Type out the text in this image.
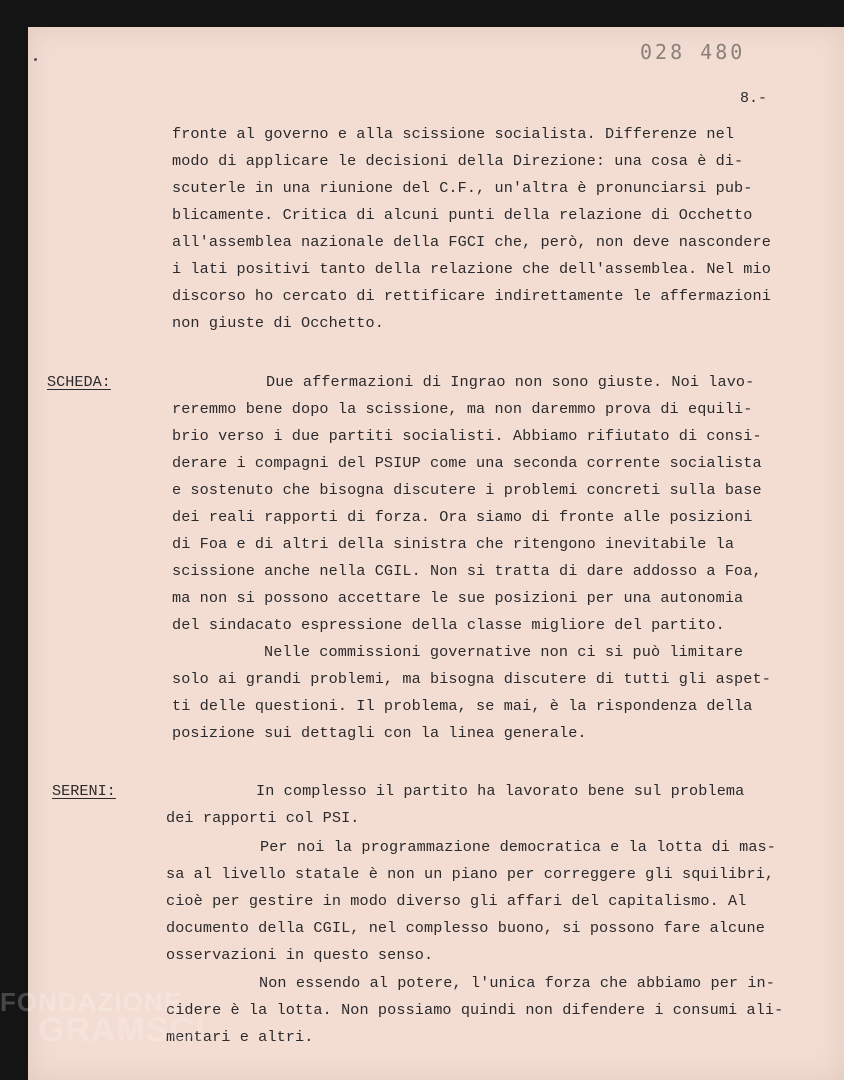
028 480
8.-
fronte al governo e alla scissione socialista. Differenze nel
modo di applicare le decisioni della Direzione: una cosa è di-
scuterle in una riunione del C.F., un'altra è pronunciarsi pub-
blicamente. Critica di alcuni punti della relazione di Occhetto
all'assemblea nazionale della FGCI che, però, non deve nascondere
i lati positivi tanto della relazione che dell'assemblea. Nel mio
discorso ho cercato di rettificare indirettamente le affermazioni
non giuste di Occhetto.
SCHEDA:	Due affermazioni di Ingrao non sono giuste. Noi lavo-
reremmo bene dopo la scissione, ma non daremmo prova di equili-
brio verso i due partiti socialisti. Abbiamo rifiutato di consi-
derare i compagni del PSIUP come una seconda corrente socialista
e sostenuto che bisogna discutere i problemi concreti sulla base
dei reali rapporti di forza. Ora siamo di fronte alle posizioni
di Foa e di altri della sinistra che ritengono inevitabile la
scissione anche nella CGIL. Non si tratta di dare addosso a Foa,
ma non si possono accettare le sue posizioni per una autonomia
del sindacato espressione della classe migliore del partito.
Nelle commissioni governative non ci si può limitare
solo ai grandi problemi, ma bisogna discutere di tutti gli aspet-
ti delle questioni. Il problema, se mai, è la rispondenza della
posizione sui dettagli con la linea generale.
SERENI:	In complesso il partito ha lavorato bene sul problema
dei rapporti col PSI.
Per noi la programmazione democratica e la lotta di mas-
sa al livello statale è non un piano per correggere gli squilibri,
cioè per gestire in modo diverso gli affari del capitalismo. Al
documento della CGIL, nel complesso buono, si possono fare alcune
osservazioni in questo senso.
Non essendo al potere, l'unica forza che abbiamo per in-
cidere è la lotta. Non possiamo quindi non difendere i consumi ali-
mentari e altri.
FONDAZIONE
GRAMSCI
